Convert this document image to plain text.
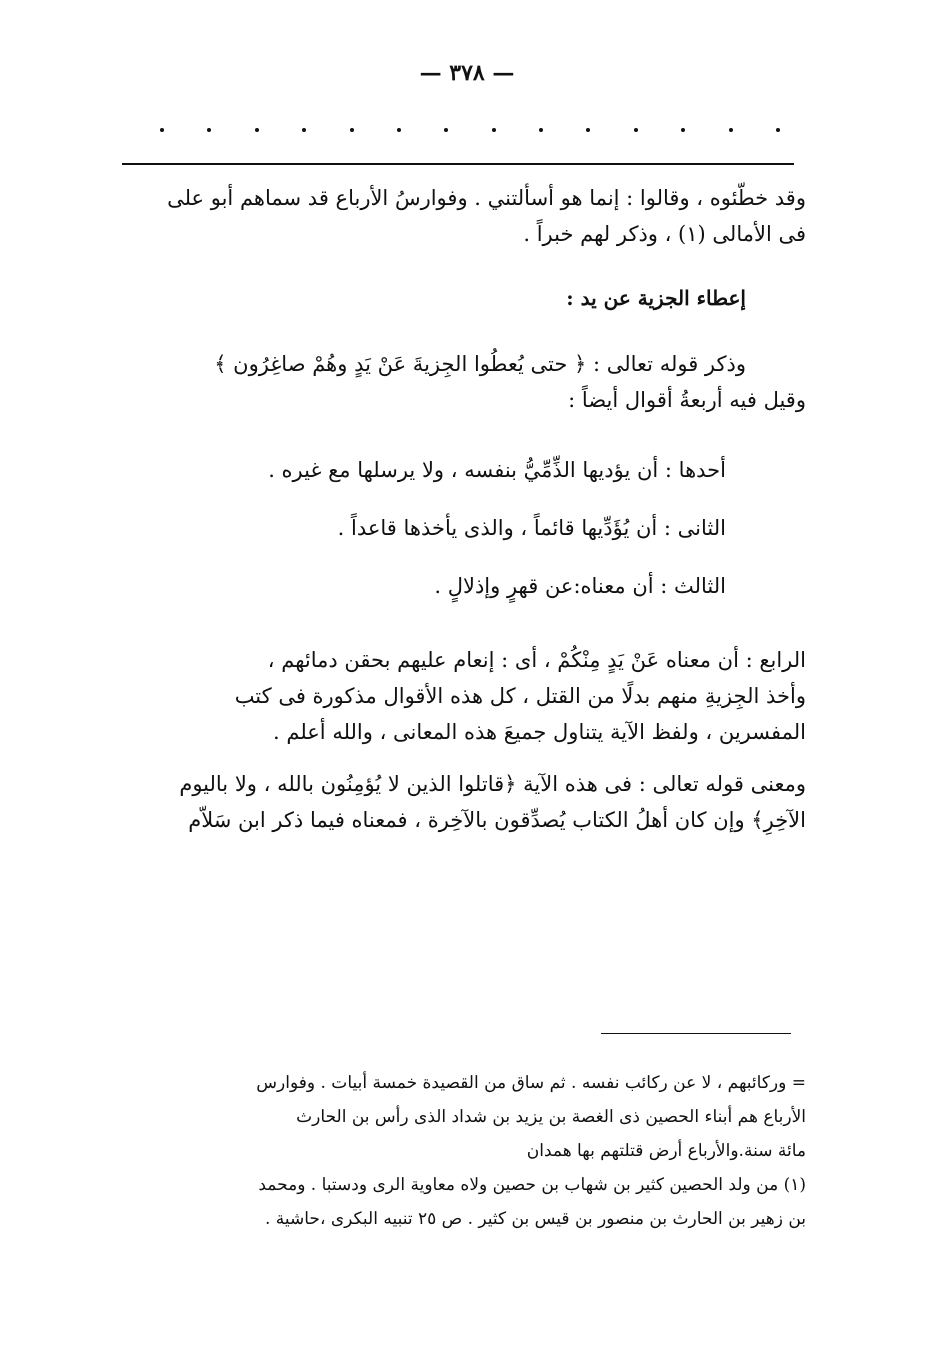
— ٣٧٨ —
وقد خطّئوه ، وقالوا : إنما هو أسألتني . وفوارسُ الأرباع قد سماهم أبو على
فى الأمالى (١) ، وذكر لهم خبراً .
إعطاء الجزية عن يد :
وذكر قوله تعالى : ﴿ حتى يُعطُوا الجِزيةَ عَنْ يَدٍ وهُمْ صاغِرُون ﴾
وقيل فيه أربعةُ أقوال أيضاً :
أحدها : أن يؤديها الذِّمِّيُّ بنفسه ، ولا يرسلها مع غيره .
الثانى : أن يُؤَدِّيها قائماً ، والذى يأخذها قاعداً .
الثالث : أن معناه:عن قهرٍ وإذلالٍ .
الرابع : أن معناه عَنْ يَدٍ مِنْكُمْ ، أى : إنعام عليهم بحقن دمائهم ،
وأخذ الجِزيةِ منهم بدلًا من القتل ، كل هذه الأقوال مذكورة فى كتب
المفسرين ، ولفظ الآية يتناول جميعَ هذه المعانى ، والله أعلم .
ومعنى قوله تعالى : فى هذه الآية ﴿قاتلوا الذين لا يُؤمِنُون بالله ، ولا باليوم
الآخِرِ﴾ وإن كان أهلُ الكتاب يُصدِّقون بالآخِرة ، فمعناه فيما ذكر ابن سَلاّم
= وركائبهم ، لا عن ركائب نفسه . ثم ساق من القصيدة خمسة أبيات . وفوارس
الأرباع هم أبناء الحصين ذى الغصة بن يزيد بن شداد الذى رأس بن الحارث
مائة سنة.والأرباع أرض قتلتهم بها همدان
(١) من ولد الحصين كثير بن شهاب بن حصين ولاه معاوية الرى ودستبا . ومحمد
بن زهير بن الحارث بن منصور بن قيس بن كثير . ص ٢٥ تنبيه البكرى ،حاشية .
